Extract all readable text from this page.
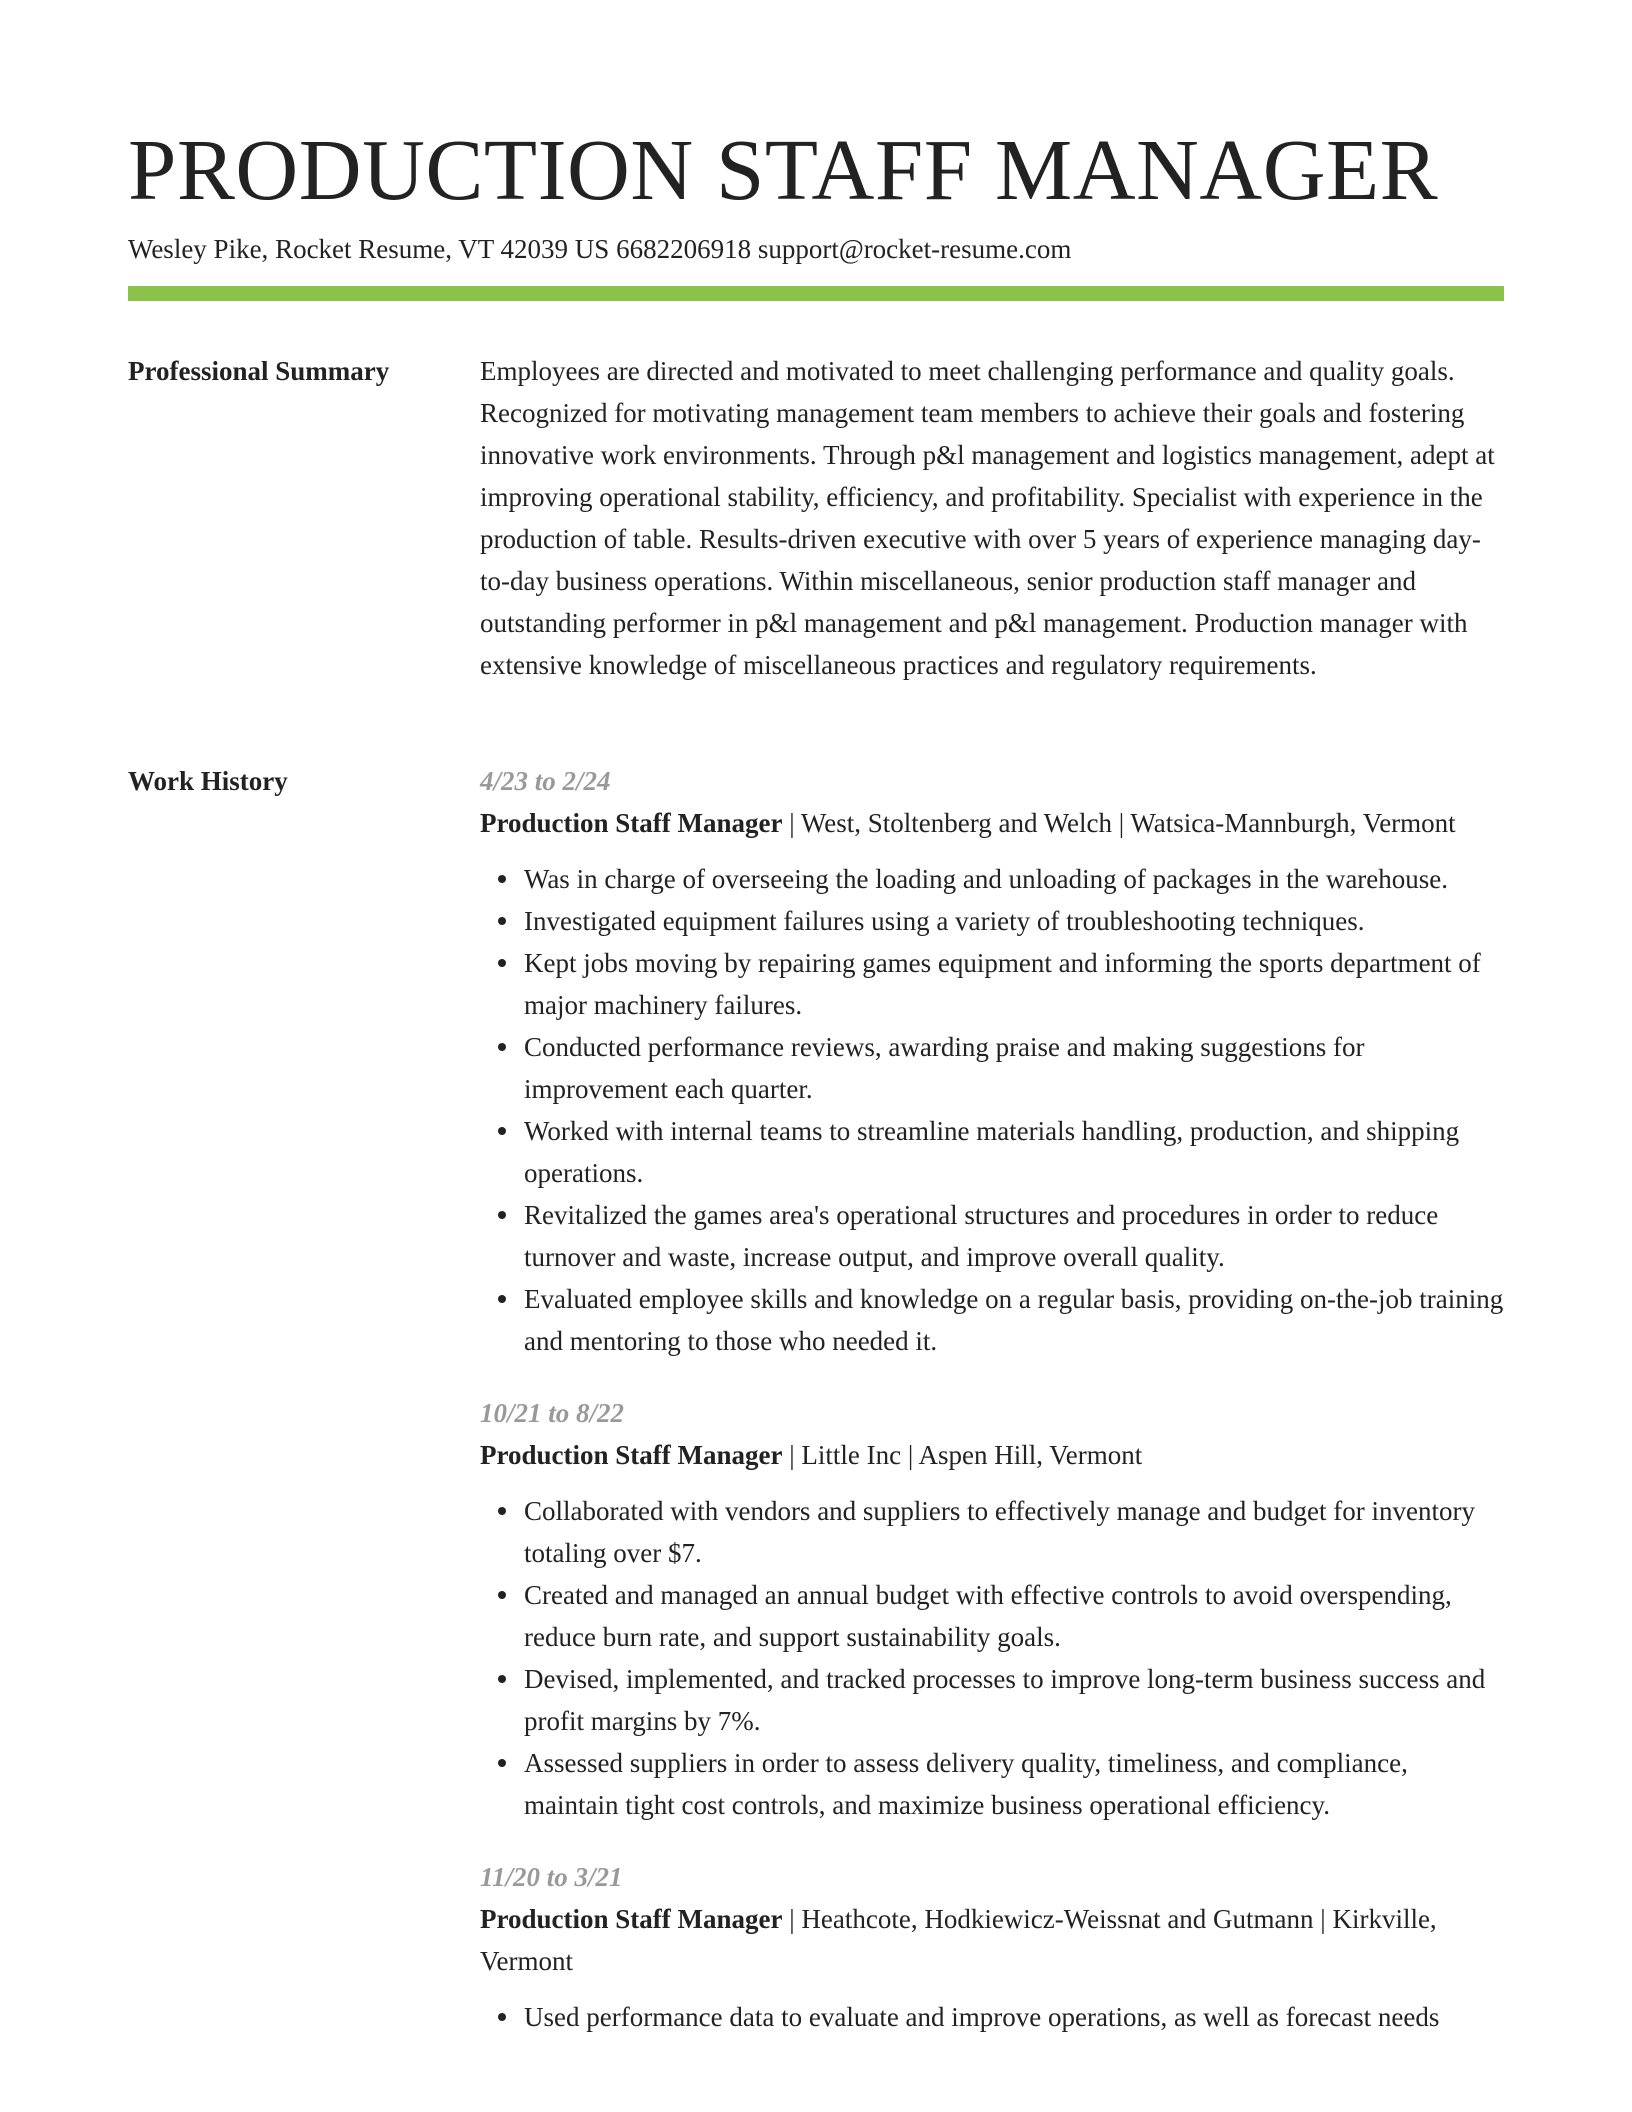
PRODUCTION STAFF MANAGER
Wesley Pike, Rocket Resume, VT 42039 US 6682206918 support@rocket-resume.com
Professional Summary	Employees are directed and motivated to meet challenging performance and quality goals. Recognized for motivating management team members to achieve their goals and fostering innovative work environments. Through p&l management and logistics management, adept at improving operational stability, efficiency, and profitability. Specialist with experience in the production of table. Results-driven executive with over 5 years of experience managing day-to-day business operations. Within miscellaneous, senior production staff manager and outstanding performer in p&l management and p&l management. Production manager with extensive knowledge of miscellaneous practices and regulatory requirements.

Work History	4/23 to 2/24
Production Staff Manager | West, Stoltenberg and Welch | Watsica-Mannburgh, Vermont
Was in charge of overseeing the loading and unloading of packages in the warehouse.
Investigated equipment failures using a variety of troubleshooting techniques.
Kept jobs moving by repairing games equipment and informing the sports department of major machinery failures.
Conducted performance reviews, awarding praise and making suggestions for improvement each quarter.
Worked with internal teams to streamline materials handling, production, and shipping operations.
Revitalized the games area's operational structures and procedures in order to reduce turnover and waste, increase output, and improve overall quality.
Evaluated employee skills and knowledge on a regular basis, providing on-the-job training and mentoring to those who needed it.
10/21 to 8/22
Production Staff Manager | Little Inc | Aspen Hill, Vermont
Collaborated with vendors and suppliers to effectively manage and budget for inventory totaling over $7.
Created and managed an annual budget with effective controls to avoid overspending, reduce burn rate, and support sustainability goals.
Devised, implemented, and tracked processes to improve long-term business success and profit margins by 7%.
Assessed suppliers in order to assess delivery quality, timeliness, and compliance, maintain tight cost controls, and maximize business operational efficiency.
11/20 to 3/21
Production Staff Manager | Heathcote, Hodkiewicz-Weissnat and Gutmann | Kirkville, Vermont
Used performance data to evaluate and improve operations, as well as forecast needs
